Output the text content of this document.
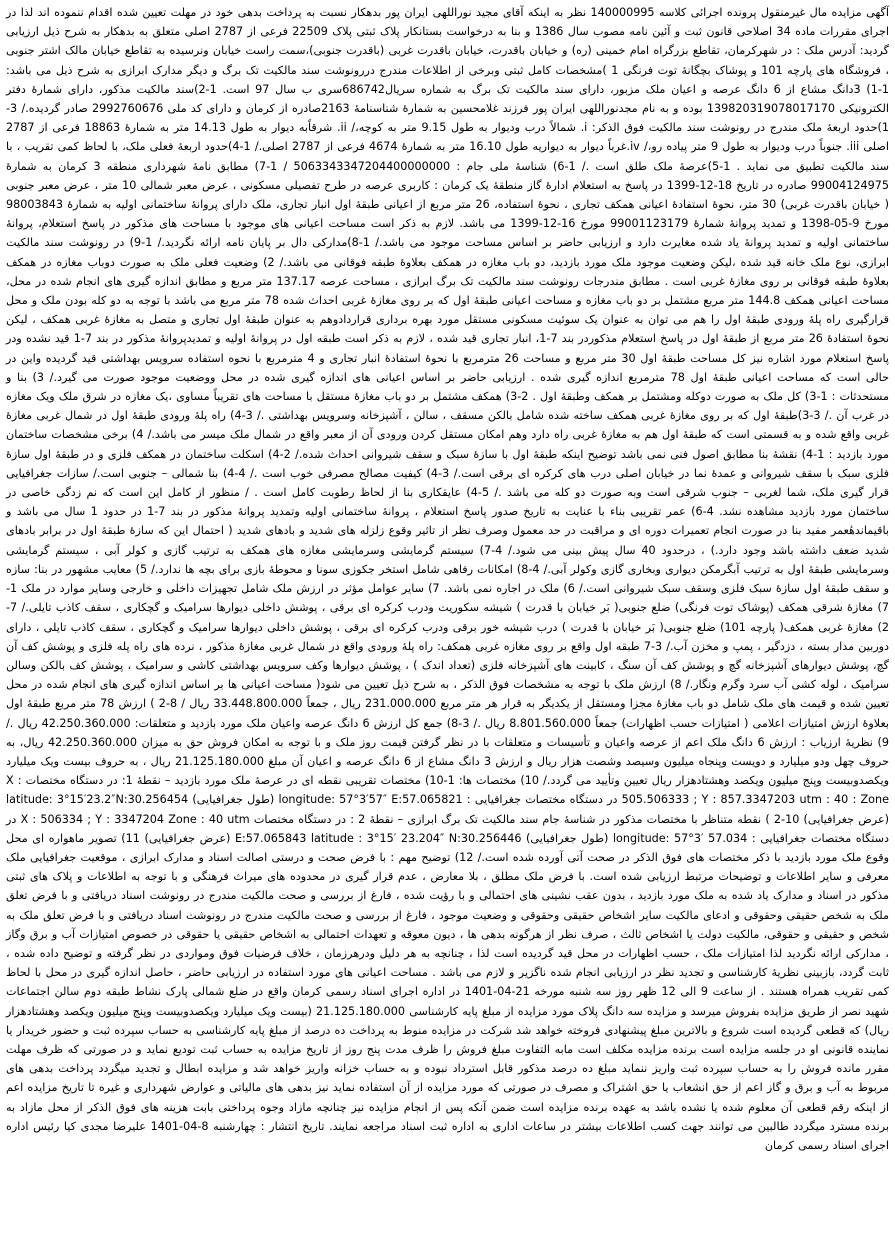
آگهی مزایده مال غیرمنقول پرونده اجرائی کلاسه 140000995 نظر به اینکه آقای مجید نوراللهی ایران پور بدهکار نسبت به پرداخت بدهی خود در مهلت تعیین شده اقدام ننموده اند لذا در اجرای مقررات ماده 34 اصلاحی قانون ثبت و آئین نامه مصوب سال 1386 و بنا به درخواست بستانکار پلاک ثبتی پلاک 22509 فرعی از 2787 اصلی متعلق به بدهکار به شرح ذیل ارزیابی گردید: آدرس ملک : در شهرکرمان، تقاطع بزرگراه امام خمینی (ره) و خیابان باقدرت، خیابان باقدرت غربی (باقدرت جنوبی)،سمت راست خیابان ونرسیده به تقاطع خیابان مالک اشتر جنوبی ، فروشگاه های پارچه 101 و پوشاک بچگانهٔ توت فرنگی 1 )مشخصات کامل ثبتی وبرخی از اطلاعات مندرج دررونوشت سند مالکیت تک برگ و دیگر مدارک ابرازی به شرح ذیل می باشد: 1-1) 3دانگ مشاع از 6 دانگ عرصه و اعیان ملک مزبور، دارای سند مالکیت تک برگ به شماره سریال686742سری ب سال 97 است. 1-2)سند مالکیت مذکور، دارای شمارهٔ دفتر الکترونیکی 139820319078017170 بوده و به نام مجدنوراللهی ایران پور فرزند غلامحسین به شمارهٔ شناسنامهٔ 2163صادره از کرمان و دارای کد ملی 2992760676 صادر گردیده./ 3-1)حدود اربعهٔ ملک مندرج در رونوشت سند مالکیت فوق الذکر: i. شمالاً درب ودیوار به طول 9.15 متر به کوچه،/ ii. شرقاًبه دیوار به طول 14.13 متر به شمارهٔ 18863 فرعی از 2787 اصلی iii. جنوباً درب ودیوار به طول 9 متر پیاده رو،/ iv.غرباً دیوار به دیواریه طول 16.10 متر به شمارهٔ 4674 فرعی از 2787 اصلی./ 1-4)حدود اربعهٔ فعلی ملک، با لحاظ کمی تقریب ، با سند مالکیت تطبیق می نماید . 1-5)عرصهٔ ملک طلق است ./ 1-6) شناسهٔ ملی جام : 5063343347204400000000 / 1-7) مطابق نامهٔ شهرداری منطقه 3 کرمان به شمارهٔ 99004124975 صادره در تاریخ 18-12-1399 در پاسخ به استعلام ادارهٔ گاز منطقهٔ یک کرمان : کاربری عرصه در طرح تفصیلی مسکونی ، عرض معبر شمالی 10 متر ، عرض معبر جنوبی ( خیابان باقدرت غربی) 30 متر، نحوهٔ استفادهٔ اعیانی همکف تجاری ، نحوهٔ استفاده، 26 متر مربع از اعیانی طبقهٔ اول انبار تجاری، ملک دارای پروانهٔ ساختمانی اولیه به شمارهٔ 98003843 مورخ 9-05-1398 و تمدید پروانهٔ شمارهٔ 99001123179 مورخ 16-12-1399 می باشد. لازم به ذکر است مساحت اعیانی های موجود با مساحت های مذکور در پاسخ استعلام، پروانهٔ ساختمانی اولیه و تمدید پروانهٔ یاد شده مغایرت دارد و ارزیابی حاضر بر اساس مساحت موجود می باشد./ 1-8)مدارکی دال بر پایان نامه ارائه نگردید./ 1-9) در رونوشت سند مالکیت ابرازی، نوع ملک خانه قید شده ،لیکن وضعیت موجود ملک مورد بازدید، دو باب مغازه در همکف بعلاوهٔ طبقه فوقانی می باشد./ 2) وضعیت فعلی ملک به صورت دوباب مغازه در همکف بعلاوهٔ طبقه فوقانی بر روی مغازهٔ غربی است . مطابق مندرجات رونوشت سند مالکیت تک برگ ابرازی ، مساحت عرصه 137.17 متر مربع و مطابق اندازه گیری های انجام شده در محل، مساحت اعیانی همکف 144.8 متر مربع مشتمل بر دو باب مغازه و مساحت اعیانی طبقهٔ اول که بر روی مغازهٔ غربی احداث شده 78 متر مربع می باشد با توجه به دو کله بودن ملک و محل قرارگیری راه پلهٔ ورودی طبقهٔ اول را هم می توان به عنوان یک سوئیت مسکونی مستقل مورد بهره برداری قراردادوهم به عنوان طبقهٔ اول تجاری و متصل به مغازهٔ غربی همکف ، لیکن نحوهٔ استفادهٔ 26 متر مربع از طبقهٔ اول در پاسخ استعلام مذکوردر بند 7-1، انبار تجاری قید شده ، لازم به ذکر است طبقه اول در پروانهٔ اولیه و تمدیدپروانهٔ مذکور در بند 7-1 قید نشده ودر پاسخ استعلام مورد اشاره نیز کل مساحت طبقهٔ اول 30 متر مربع و مساحت 26 مترمربع با نحوهٔ استفادهٔ انبار تجاری و 4 مترمربع با نحوه استفاده سرویس بهداشتی قید گردیده واین در حالی است که مساحت اعیانی طبقهٔ اول 78 مترمربع اندازه گیری شده . ارزیابی حاضر بر اساس اعیانی های اندازه گیری شده در محل ووضعیت موجود صورت می گیرد./ 3) بنا و مستحدثات : 1-3) کل ملک به صورت دوکله ومشتمل بر همکف وطبقهٔ اول . 2-3) همکف مشتمل بر دو باب مغازهٔ مستقل با مساحت های تقریباً مساوی ،یک مغازه در شرق ملک ویک مغازه در غرب آن ./ 3-3)طبقهٔ اول که بر روی مغازهٔ غربی همکف ساخته شده شامل بالکن مسقف ، سالن ، آشپزخانه وسرویس بهداشتی ./ 3-4) راه پلهٔ ورودی طبقهٔ اول در شمال غربی مغازهٔ غربی واقع شده و به قسمتی است که طبقهٔ اول هم به مغازهٔ غربی راه دارد وهم امکان مستقل کردن ورودی آن از معبر واقع در شمال ملک میسر می باشد./ 4) برخی مشخصات ساختمان مورد بازدید : 1-4) نقشهٔ بنا مطابق اصول فنی نمی باشد توضیح اینکه طبقهٔ اول با سازهٔ سبک و سقف شیروانی احداث شده./ 2-4) اسکلت ساختمان در همکف فلزی و در طبقهٔ اول سازهٔ فلزی سبک با سقف شیروانی و عمدهٔ نما در خیابان اصلی درب های کرکره ای برقی است./ 3-4) کیفیت مصالح مصرفی خوب است ./ 4-4) بنا شمالی – جنوبی است./ سازات جغرافیایی قرار گیری ملک، شما لغربی – جنوب شرقی است وبه صورت دو کله می باشد ./ 5-4) عایقکاری بنا از لحاظ رطوبت کامل است . / منظور از کامل این است که نم زدگی خاصی در ساختمان مورد بازدید مشاهده نشد. 4-6) عمر تقریبی بناء با عنایت به تاریخ صدور پاسخ استعلام ، پروانهٔ ساختمانی اولیه وتمدید پروانهٔ مذکور در بند 7-1 در حدود 1 سال می باشد و باقیماندهٔعمر مفید بنا در صورت انجام تعمیرات دوره ای و مراقبت در حد معمول وصرف نظر از تاثیر وقوع زلزله های شدید و بادهای شدید ( احتمال این که سازهٔ طبقهٔ اول در برابر بادهای شدید ضعف داشته باشد وجود دارد.) ، درحدود 40 سال پیش بینی می شود./ 4-7) سیستم گرمایشی وسرمایشی مغازه های همکف به ترتیب گازی و کولر آبی ، سیستم گرمایشی وسرمایشی طبقهٔ اول به ترتیب آبگرمکن دیواری وبخاری گازی وکولر آبی./ 4-8) امکانات رفاهی شامل استخر جکوزی سونا و محوطهٔ بازی برای بچه ها ندارد./ 5) معایب مشهور در بنا: سازه و سقف طبقهٔ اول سازهٔ سبک فلزی وسقف سبک شیروانی است./ 6) ملک در اجاره نمی باشد. 7) سایر عوامل مؤثر در ارزش ملک شامل تجهیزات داخلی و خارجی وسایر موارد در ملک 1-7) مغازهٔ شرقی همکف (پوشاک توت فرنگی) ضلع جنوبی( بَر خیابان با قدرت ) شیشه سکوریت ودرب کرکره ای برقی ، پوشش داخلی دیوارها سرامیک و گچکاری ، سقف کاذب تایلی./ 7-2) مغازهٔ غربی همکف( پارچه 101) ضلع جنوبی( بَر خیابان با قدرت ) درب شیشه خور برقی ودرب کرکره ای برقی ، پوشش داخلی دیوارها سرامیک و گچکاری ، سقف کاذب تایلی ، دارای دوربین مدار بسته ، دزدگیر ، پمپ و مخزن آب./ 3-7 طبقه اول واقع بر روی مغازه غربی همکف: راه پلهٔ ورودی واقع در شمال غربی مغازهٔ مذکور ، نرده های راه پله فلزی و پوشش کف آن گچ، پوشش دیوارهای آشپزخانه گچ و پوشش کف آن سنگ ، کابینت های آشپزخانه فلزی (تعداد اندک ) ، پوشش دیوارها وکف سرویس بهداشتی کاشی و سرامیک ، پوشش کف بالکن وسالن سرامیک ، لوله کشی آب سرد وگرم ونگار./ 8) ارزش ملک با توجه به مشخصات فوق الذکر ، به شرح ذیل تعیین می شود( مساحت اعیانی ها بر اساس اندازه گیری های انجام شده در محل تعیین شده و قیمت های ملک شامل دو باب مغازهٔ مجزا ومستقل از یکدیگر به قرار هر متر مربع 231.000.000 ریال ، جمعاً 33.448.800.000 ریال / 8-2 ) ارزش 78 متر مربع طبقهٔ اول بعلاوهٔ ارزش امتیازات اعلامی ( امتیازات حسب اظهارات) جمعاً 8.801.560.000 ریال ./ 3-8) جمع کل ارزش 6 دانگ عرصه واعیان ملک مورد بازدید و متعلقات: 42.250.360.000 ریال ./ 9) نظریهٔ ارزیاب : ارزش 6 دانگ ملک اعم از عرصه واعیان و تأسیسات و متعلقات با در نظر گرفتن قیمت روز ملک و با توجه به امکان فروش حق به میزان 42.250.360.000 ریال، به حروف چهل ودو میلیارد و دویست وپنجاه میلیون وسیصد وشصت هزار ریال و ارزش 3 دانگ مشاع از 6 دانگ عرصه و اعیان آن مبلغ 21.125.180.000 ریال ، به حروف بیست ویک میلیارد ویکصدوبیست وپنج میلیون ویکصد وهشتادهزار ریال تعیین وتأیید می گردد./ 10) مختصات ها: 1-10) مختصات تقریبی نقطه ای در عرصهٔ ملک مورد بازدید – نقطهٔ 1: در دستگاه مختصات X : 505.506333 ; Y : 857.3347203 utm : 40 : Zone در دستگاه مختصات جغرافیایی : longitude: 57°3′57″ E:57.065821 (طول جغرافیایی) latitude: 3°15′23.2″N:30.256454 (عرض جغرافیایی) 10-2 ) نقطه متناظر با مختصات مذکور در شناسهٔ جام سند مالکیت تک برگ ابرازی – نقطهٔ 2 : در دستگاه مختصات X : 506334 ; Y : 3347204 Zone : 40 utm در دستگاه مختصات جغرافیایی : longitude: 57°3′ 57.034 (طول جغرافیایی) E:57.065843 latitude : 3°15′ 23.204″ N:30.256446 (عرض جغرافیایی) 11) تصویر ماهواره ای محل وقوع ملک مورد بازدید با ذکر مختصات های فوق الذکر در صحت آتی آورده شده است./ 12) توضیح مهم : با فرض صحت و درستی اصالت اسناد و مدارک ابرازی ، موقعیت جغرافیایی ملک معرفی و سایر اطلاعات و توضیحات مرتبط ارزیابی شده است. با فرض ملک مطلق ، بلا معارض ، عدم قرار گیری در محدوده های میراث فرهنگی و با توجه به اطلاعات و پلاک های ثبتی مذکور در اسناد و مدارک یاد شده به ملک مورد بازدید ، بدون عقب نشینی های احتمالی و با رؤیت شده ، فارغ از بررسی و صحت مالکیت مندرج در رونوشت اسناد دریافتی و با فرض تعلق ملک به شخص حقیقی وحقوقی و ادعای مالکیت سایر اشخاص حقیقی وحقوقی و وضعیت موجود ، فارغ از بررسی و صحت مالکیت مندرج در رونوشت اسناد دریافتی و با فرض تعلق ملک به شخص و حقیقی و حقوقی، مالکیت دولت یا اشخاص ثالث ، صرف نظر از هرگونه بدهی ها ، دیون معوقه و تعهدات احتمالی به اشخاص حقیقی یا حقوقی در خصوص امتیازات آب و برق وگاز ، مدارکی ارائه نگردید لذا امتیازات ملک ، حسب اظهارات در محل قید گردیده است لذا ، چنانچه به هر دلیل ودرهرزمان ، خلاف فرضیات فوق ومواردی در نظر گرفته و توضیح داده شده ، ثابت گردد، بازبینی نظریهٔ کارشناسی و تجدید نظر در ارزیابی انجام شده ناگزیر و لازم می باشد . مساحت اعیانی های مورد استفاده در ارزیابی حاضر ، حاصل اندازه گیری در محل با لحاظ کمی تقریب همراه هستند . از ساعت 9 الی 12 ظهر روز سه شنبه مورخه 21-04-1401 در اداره اجرای اسناد رسمی کرمان واقع در ضلع شمالی پارک نشاط طبقه دوم سالن اجتماعات شهید نصر از طریق مزایده بفروش میرسد و مزایده سه دانگ پلاک مورد مزایده از مبلغ پایه کارشناسی 21.125.180.000 (بیست ویک میلیارد ویکصدوبیست وپنج میلیون ویکصد وهشتادهزار ریال) که قطعی گردیده است شروع و بالاترین مبلغ پیشنهادی فروخته خواهد شد شرکت در مزایده منوط به پرداخت ده درصد از مبلغ پایه کارشناسی به حساب سپرده ثبت و حضور خریدار یا نماینده قانونی او در جلسه مزایده است برنده مزایده مکلف است مابه التفاوت مبلغ فروش را ظرف مدت پنج روز از تاریخ مزایده به حساب ثبت تودیع نماید و در صورتی که ظرف مهلت مقرر مانده فروش را به حساب سپرده ثبت واریز ننماید مبلغ ده درصد مذکور قابل استرداد نبوده و به حساب خزانه واریز خواهد شد و مزایده ابطال و تجدید میگردد پرداخت بدهی های مربوط به آب و برق و گاز اعم از حق انشعاب یا حق اشتراک و مصرف در صورتی که مورد مزایده از آن استفاده نماید نیز بدهی های مالیاتی و عوارض شهرداری و غیره تا تاریخ مزایده اعم از اینکه رقم قطعی آن معلوم شده یا نشده باشد به عهده برنده مزایده است ضمن آنکه پس از انجام مزایده نیز چنانچه مازاد وجوه پرداختی بابت هزینه های فوق الذکر از محل مازاد به برنده مسترد میگردد طالبین می توانند جهت کسب اطلاعات بیشتر در ساعات اداری به اداره ثبت اسناد مراجعه نمایند. تاریخ انتشار : چهارشنبه 8-04-1401 علیرضا مجدی کیا رئیس اداره اجرای اسناد رسمی کرمان
